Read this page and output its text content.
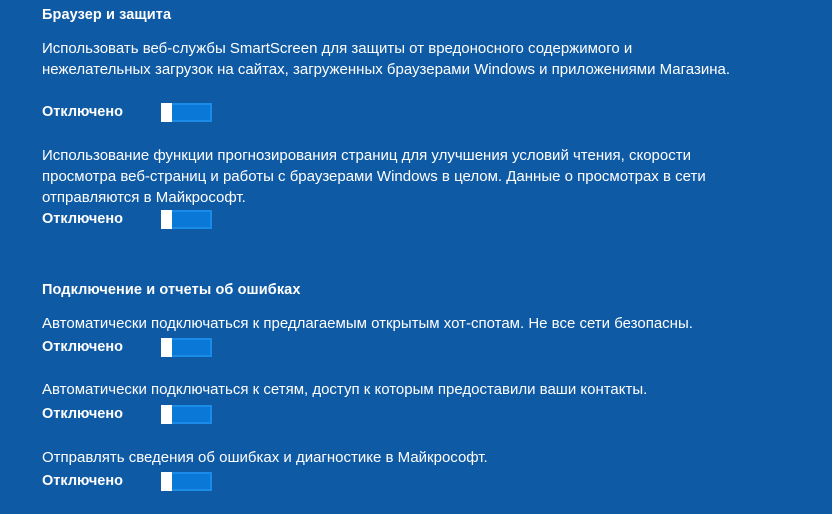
Браузер и защита

Использовать веб-службы SmartScreen для защиты от вредоносного содержимого и нежелательных загрузок на сайтах, загруженных браузерами Windows и приложениями Магазина.

Отключено

Использование функции прогнозирования страниц для улучшения условий чтения, скорости просмотра веб-страниц и работы с браузерами Windows в целом. Данные о просмотрах в сети отправляются в Майкрософт.

Отключено
Подключение и отчеты об ошибках

Автоматически подключаться к предлагаемым открытым хот-спотам. Не все сети безопасны.

Отключено

Автоматически подключаться к сетям, доступ к которым предоставили ваши контакты.

Отключено

Отправлять сведения об ошибках и диагностике в Майкрософт.

Отключено
